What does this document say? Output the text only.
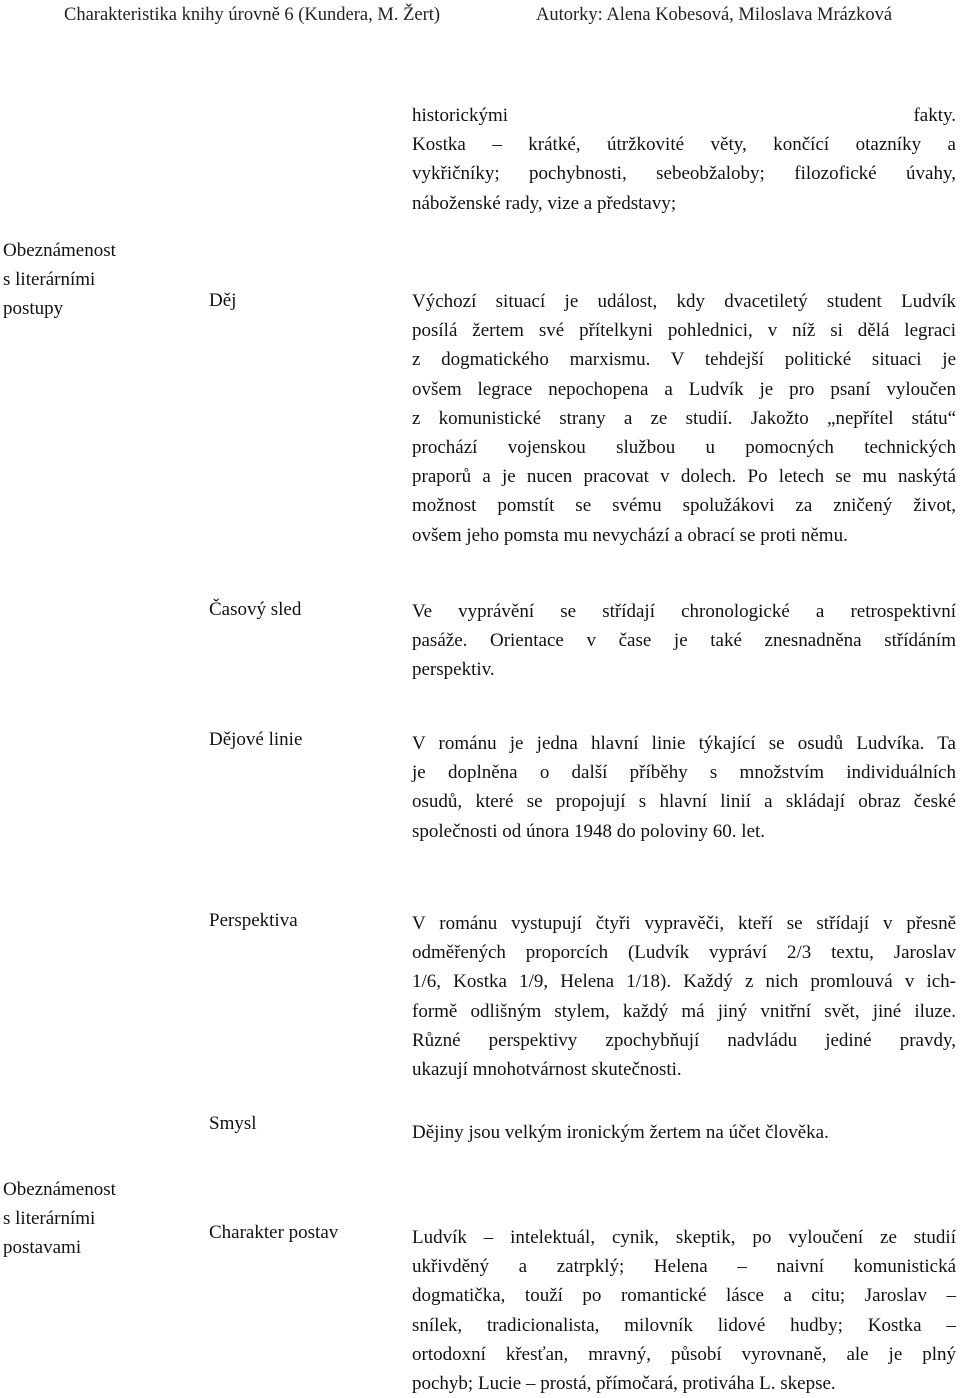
Charakteristika knihy úrovně 6 (Kundera, M. Žert)	Autorky: Alena Kobesová, Miloslava Mrázková
historickými fakty.
Kostka – krátké, útržkovité věty, končící otazníky a
vykřičníky; pochybnosti, sebeobžaloby; filozofické úvahy,
náboženské rady, vize a představy;
Obeznámenost
s literárními
postupy	Děj	Výchozí situací je událost, kdy dvacetiletý student Ludvík
posílá žertem své přítelkyni pohlednici, v níž si dělá legraci
z dogmatického marxismu. V tehdejší politické situaci je
ovšem legrace nepochopena a Ludvík je pro psaní vyloučen
z komunistické strany a ze studií. Jakožto „nepřítel státu“
prochází vojenskou službou u pomocných technických
praporů a je nucen pracovat v dolech. Po letech se mu naskýtá
možnost pomstít se svému spolužákovi za zničený život,
ovšem jeho pomsta mu nevychází a obrací se proti němu.
Časový sled	Ve vyprávění se střídají chronologické a retrospektivní
pasáže. Orientace v čase je také znesnadněna střídáním
perspektiv.
Dějové linie	V románu je jedna hlavní linie týkající se osudů Ludvíka. Ta
je doplněna o další příběhy s množstvím individuálních
osudů, které se propojují s hlavní linií a skládají obraz české
společnosti od února 1948 do poloviny 60. let.
Perspektiva	V románu vystupují čtyři vypravěči, kteří se střídají v přesně
odměřených proporcích (Ludvík vypráví 2/3 textu, Jaroslav
1/6, Kostka 1/9, Helena 1/18). Každý z nich promlouvá v ich-
formě odlišným stylem, každý má jiný vnitřní svět, jiné iluze.
Různé perspektivy zpochybňují nadvládu jediné pravdy,
ukazují mnohotvárnost skutečnosti.
Smysl	Dějiny jsou velkým ironickým žertem na účet člověka.
Obeznámenost
s literárními
postavami
Charakter postav	Ludvík – intelektuál, cynik, skeptik, po vyloučení ze studií
ukřivděný a zatrpklý; Helena – naivní komunistická
dogmatička, touží po romantické lásce a citu; Jaroslav –
snílek, tradicionalista, milovník lidové hudby; Kostka –
ortodoxní křesťan, mravný, působí vyrovnaně, ale je plný
pochyb; Lucie – prostá, přímočará, protiváha L. skepse.
